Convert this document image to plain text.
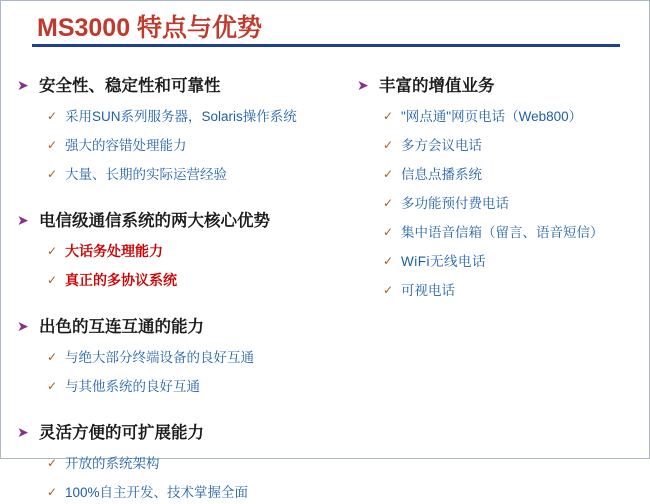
MS3000 特点与优势
➤ 安全性、稳定性和可靠性
✓ 采用SUN系列服务器，Solaris操作系统
✓ 强大的容错处理能力
✓ 大量、长期的实际运营经验
➤ 电信级通信系统的两大核心优势
✓ 大话务处理能力
✓ 真正的多协议系统
➤ 出色的互连互通的能力
✓ 与绝大部分终端设备的良好互通
✓ 与其他系统的良好互通
➤ 灵活方便的可扩展能力
✓ 开放的系统架构
✓ 100%自主开发、技术掌握全面
➤ 丰富的增值业务
✓ "网点通"网页电话（Web800）
✓ 多方会议电话
✓ 信息点播系统
✓ 多功能预付费电话
✓ 集中语音信箱（留言、语音短信）
✓ WiFi无线电话
✓ 可视电话
